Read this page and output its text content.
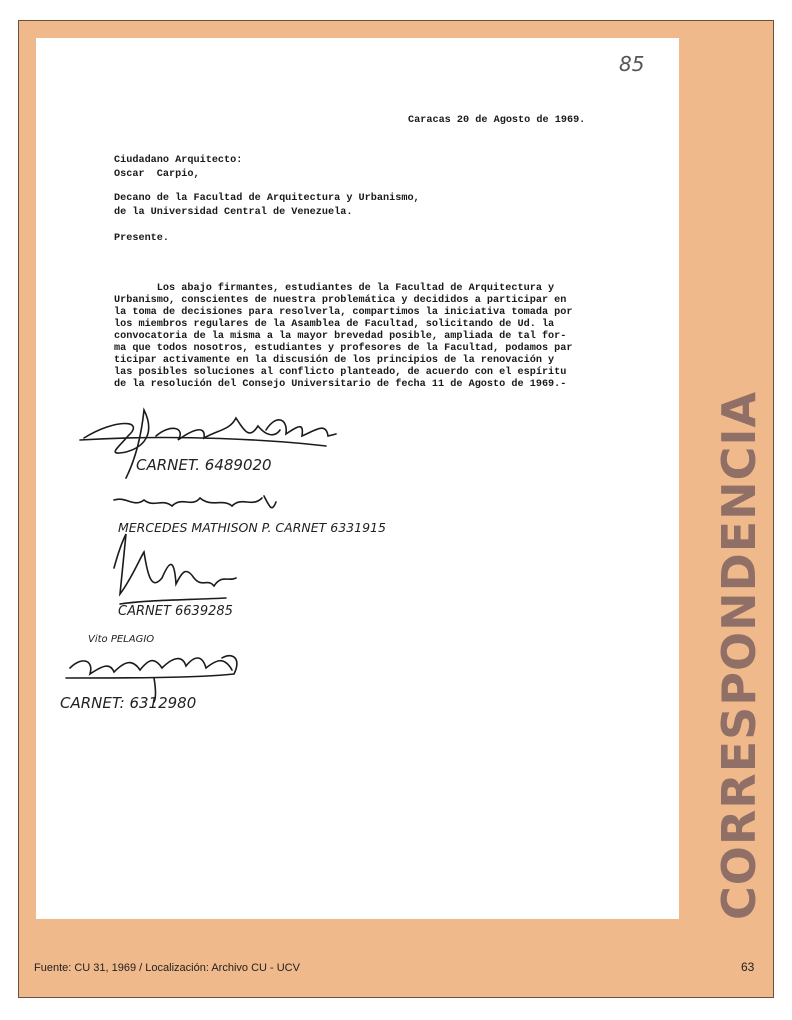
85
Caracas 20 de Agosto de 1969.
Ciudadano Arquitecto:
Oscar  Carpio,
Decano de la Facultad de Arquitectura y Urbanismo,
de la Universidad Central de Venezuela.
Presente.
Los abajo firmantes, estudiantes de la Facultad de Arquitectura y
Urbanismo, conscientes de nuestra problemática y decididos a participar en
la toma de decisiones para resolverla, compartimos la iniciativa tomada por
los miembros regulares de la Asamblea de Facultad, solicitando de Ud. la
convocatoria de la misma a la mayor brevedad posible, ampliada de tal for-
ma que todos nosotros, estudiantes y profesores de la Facultad, podamos par
ticipar activamente en la discusión de los principios de la renovación y
las posibles soluciones al conflicto planteado, de acuerdo con el espíritu
de la resolución del Consejo Universitario de fecha 11 de Agosto de 1969.-
CARNET. 6489020
MERCEDES MATHISON P. CARNET 6331915
CARNET 6639285
Vito PELAGIO
CARNET: 6312980	CORRESPONDENCIA
Fuente: CU 31, 1969 / Localización: Archivo CU - UCV	63
